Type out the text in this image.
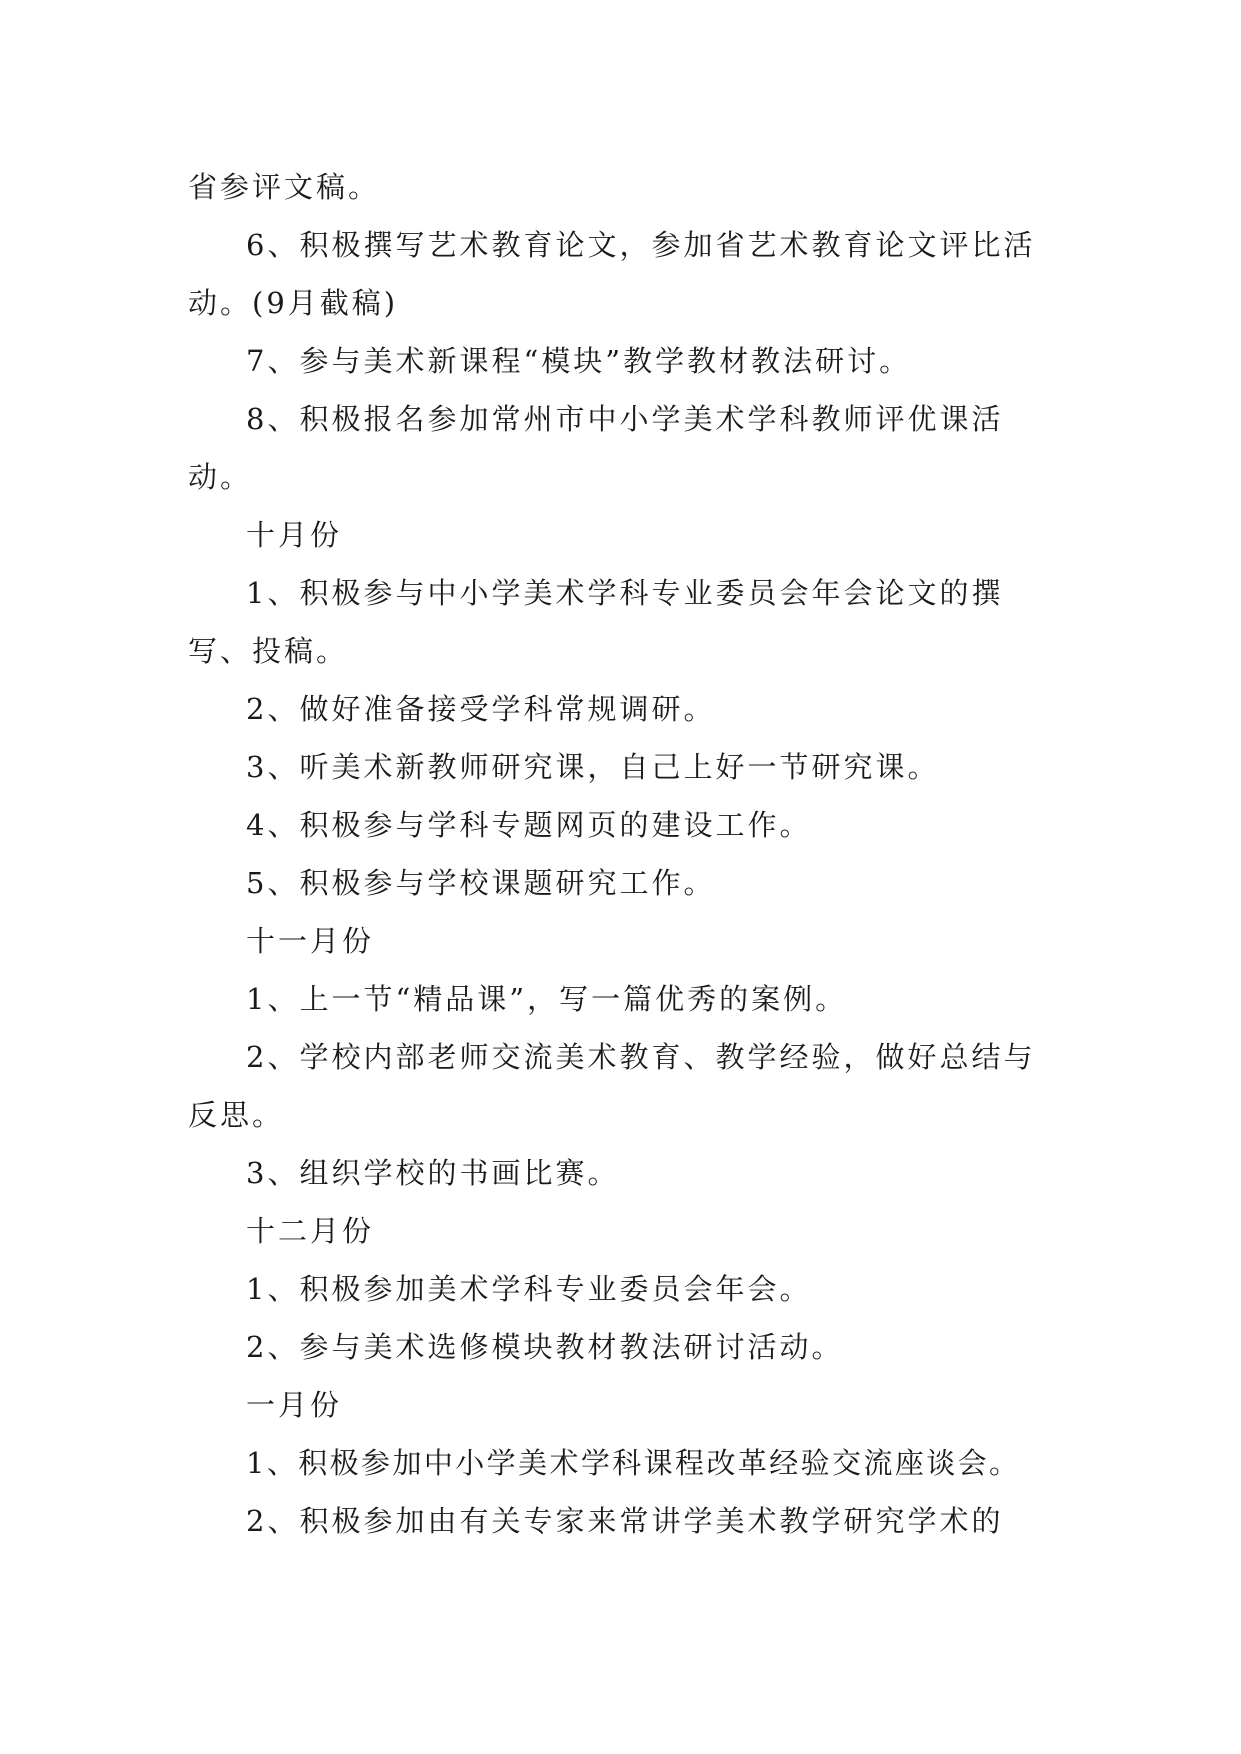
省参评文稿。

6、积极撰写艺术教育论文，参加省艺术教育论文评比活动。(9月截稿)

7、参与美术新课程“模块”教学教材教法研讨。

8、积极报名参加常州市中小学美术学科教师评优课活动。

十月份

1、积极参与中小学美术学科专业委员会年会论文的撰写、投稿。

2、做好准备接受学科常规调研。

3、听美术新教师研究课，自己上好一节研究课。

4、积极参与学科专题网页的建设工作。

5、积极参与学校课题研究工作。

十一月份

1、上一节“精品课”，写一篇优秀的案例。

2、学校内部老师交流美术教育、教学经验，做好总结与反思。

3、组织学校的书画比赛。

十二月份

1、积极参加美术学科专业委员会年会。

2、参与美术选修模块教材教法研讨活动。

一月份

1、积极参加中小学美术学科课程改革经验交流座谈会。

2、积极参加由有关专家来常讲学美术教学研究学术的
